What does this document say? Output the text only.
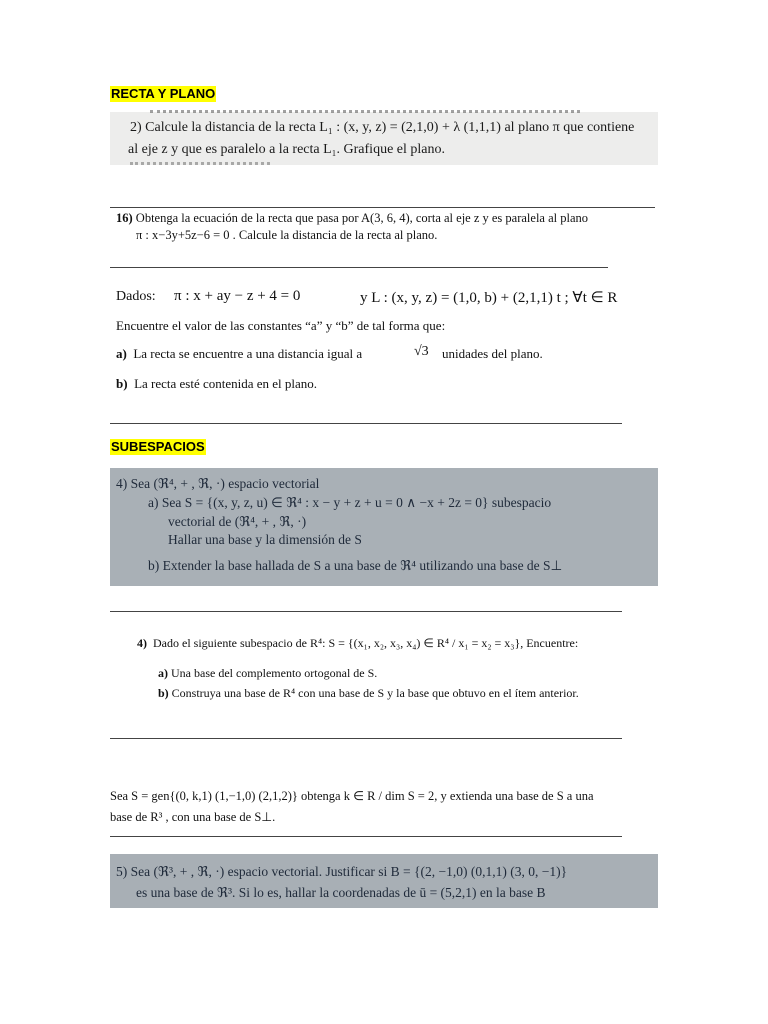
RECTA Y PLANO
2) Calcule la distancia de la recta L₁ : (x, y, z) = (2,1,0) + λ (1,1,1) al plano π que contiene
al eje z y que es paralelo a la recta L₁. Grafique el plano.
16) Obtenga la ecuación de la recta que pasa por A(3, 6, 4), corta al eje z y es paralela al plano
π : x−3y+5z−6 = 0 . Calcule la distancia de la recta al plano.
Dados: π : x + ay − z + 4 = 0	y L : (x, y, z) = (1,0, b) + (2,1,1) t ; ∀t ∈ R
Encuentre el valor de las constantes “a” y “b” de tal forma que:
a) La recta se encuentre a una distancia igual a	√3 unidades del plano.
b) La recta esté contenida en el plano.
SUBESPACIOS
4) Sea (ℜ⁴, + , ℜ, ·) espacio vectorial
a) Sea S = {(x, y, z, u) ∈ ℜ⁴ : x − y + z + u = 0 ∧ −x + 2z = 0} subespacio
vectorial de (ℜ⁴, + , ℜ, ·)
Hallar una base y la dimensión de S
b) Extender la base hallada de S a una base de ℜ⁴ utilizando una base de S⊥
4) Dado el siguiente subespacio de R⁴: S = {(x₁, x₂, x₃, x₄) ∈ R⁴ / x₁ = x₂ = x₃}, Encuentre:
a) Una base del complemento ortogonal de S.
b) Construya una base de R⁴ con una base de S y la base que obtuvo en el ítem anterior.
Sea S = gen{(0, k,1) (1,−1,0) (2,1,2)} obtenga k ∈ R / dim S = 2, y extienda una base de S a una
base de R³ , con una base de S⊥.
5) Sea (ℜ³, + , ℜ, ·) espacio vectorial. Justificar si B = {(2, −1,0) (0,1,1) (3, 0, −1)}
es una base de ℜ³. Si lo es, hallar la coordenadas de ū = (5,2,1) en la base B
